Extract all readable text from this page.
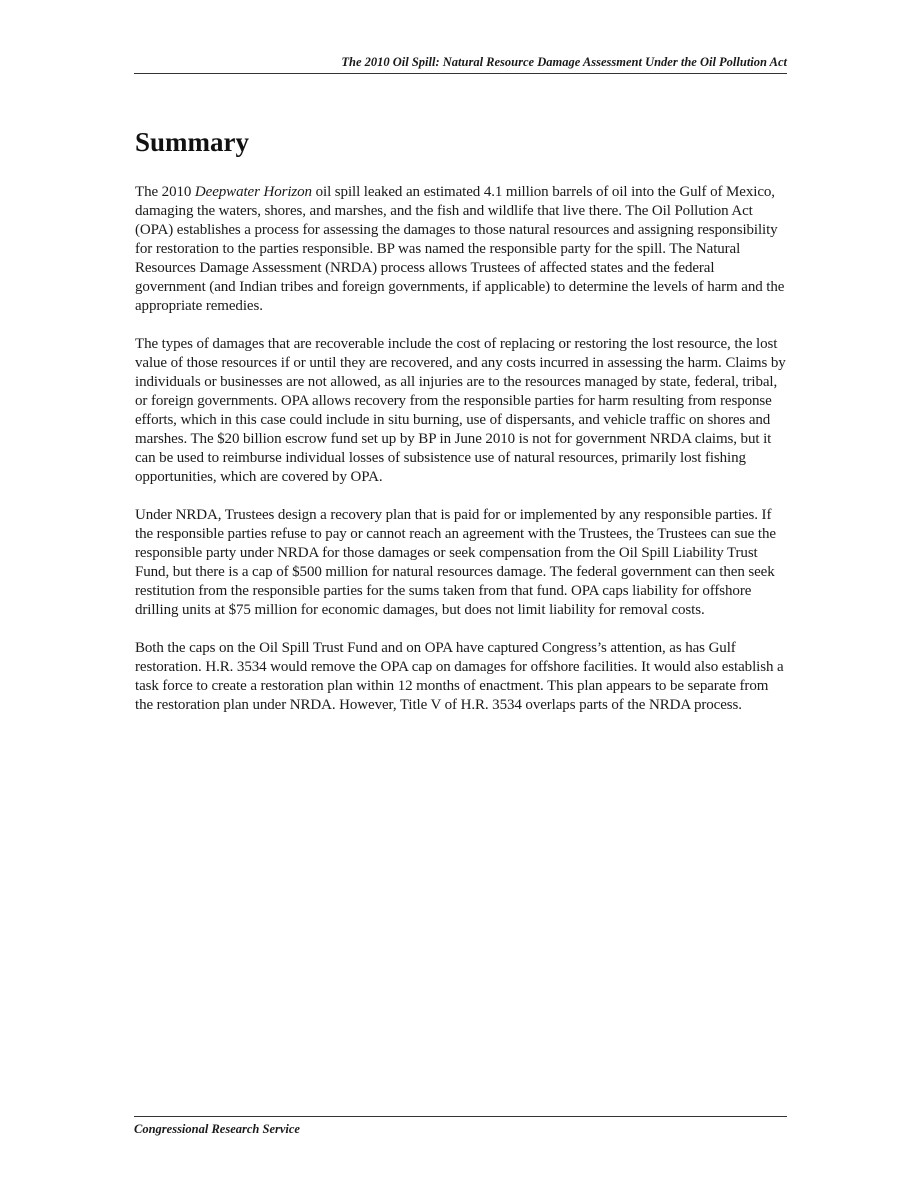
The 2010 Oil Spill: Natural Resource Damage Assessment Under the Oil Pollution Act
Summary

The 2010 Deepwater Horizon oil spill leaked an estimated 4.1 million barrels of oil into the Gulf of Mexico, damaging the waters, shores, and marshes, and the fish and wildlife that live there. The Oil Pollution Act (OPA) establishes a process for assessing the damages to those natural resources and assigning responsibility for restoration to the parties responsible. BP was named the responsible party for the spill. The Natural Resources Damage Assessment (NRDA) process allows Trustees of affected states and the federal government (and Indian tribes and foreign governments, if applicable) to determine the levels of harm and the appropriate remedies.

The types of damages that are recoverable include the cost of replacing or restoring the lost resource, the lost value of those resources if or until they are recovered, and any costs incurred in assessing the harm. Claims by individuals or businesses are not allowed, as all injuries are to the resources managed by state, federal, tribal, or foreign governments. OPA allows recovery from the responsible parties for harm resulting from response efforts, which in this case could include in situ burning, use of dispersants, and vehicle traffic on shores and marshes. The $20 billion escrow fund set up by BP in June 2010 is not for government NRDA claims, but it can be used to reimburse individual losses of subsistence use of natural resources, primarily lost fishing opportunities, which are covered by OPA.

Under NRDA, Trustees design a recovery plan that is paid for or implemented by any responsible parties. If the responsible parties refuse to pay or cannot reach an agreement with the Trustees, the Trustees can sue the responsible party under NRDA for those damages or seek compensation from the Oil Spill Liability Trust Fund, but there is a cap of $500 million for natural resources damage. The federal government can then seek restitution from the responsible parties for the sums taken from that fund. OPA caps liability for offshore drilling units at $75 million for economic damages, but does not limit liability for removal costs.

Both the caps on the Oil Spill Trust Fund and on OPA have captured Congress’s attention, as has Gulf restoration. H.R. 3534 would remove the OPA cap on damages for offshore facilities. It would also establish a task force to create a restoration plan within 12 months of enactment. This plan appears to be separate from the restoration plan under NRDA. However, Title V of H.R. 3534 overlaps parts of the NRDA process.

Congressional Research Service
